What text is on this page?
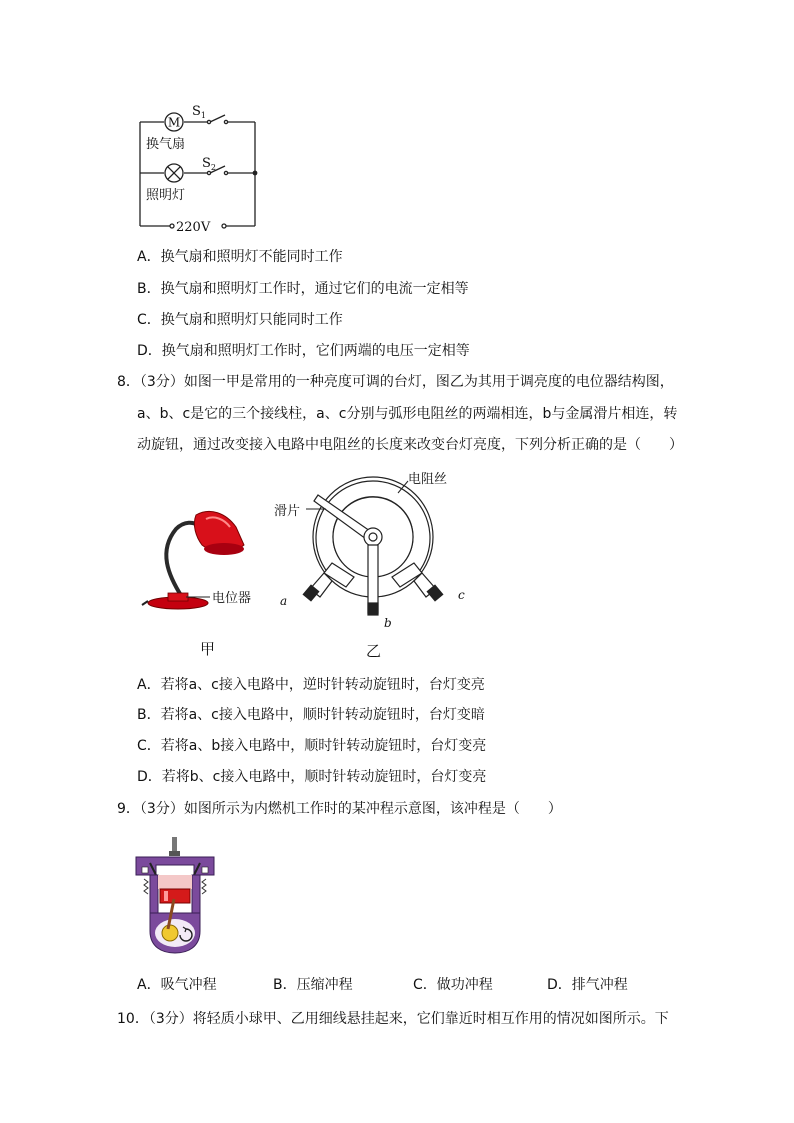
M
$S_1$
$S_2$
换气扇
照明灯
220V
A．换气扇和照明灯不能同时工作
B．换气扇和照明灯工作时，通过它们的电流一定相等
C．换气扇和照明灯只能同时工作
D．换气扇和照明灯工作时，它们两端的电压一定相等
8．（3分）如图一甲是常用的一种亮度可调的台灯，图乙为其用于调亮度的电位器结构图，
a、b、c是它的三个接线柱，a、c分别与弧形电阻丝的两端相连，b与金属滑片相连，转
动旋钮，通过改变接入电路中电阻丝的长度来改变台灯亮度，下列分析正确的是（　　）
电位器
甲
电阻丝
滑片
a
b
c
乙
A．若将a、c接入电路中，逆时针转动旋钮时，台灯变亮
B．若将a、c接入电路中，顺时针转动旋钮时，台灯变暗
C．若将a、b接入电路中，顺时针转动旋钮时，台灯变亮
D．若将b、c接入电路中，顺时针转动旋钮时，台灯变亮
9．（3分）如图所示为内燃机工作时的某冲程示意图，该冲程是（　　）
A．吸气冲程	B．压缩冲程	C．做功冲程	D．排气冲程
10．（3分）将轻质小球甲、乙用细线悬挂起来，它们靠近时相互作用的情况如图所示。下
